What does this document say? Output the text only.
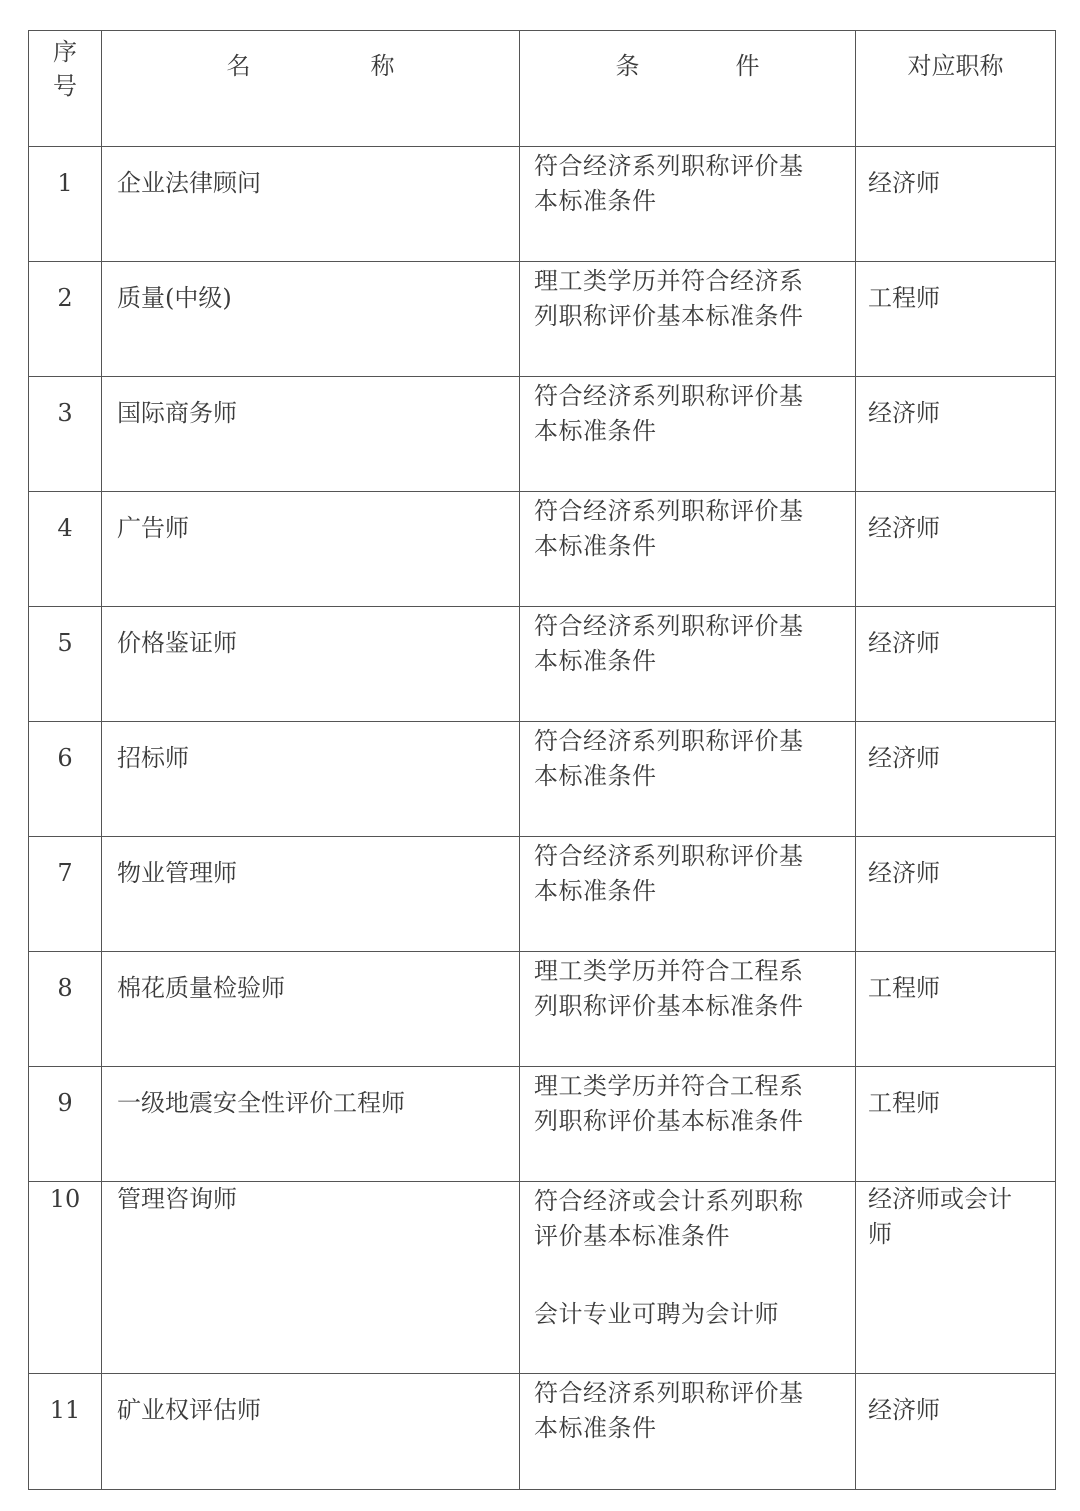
序
号	名　　　　　称	条　　　　件	对应职称
1	企业法律顾问	符合经济系列职称评价基
本标准条件	经济师
2	质量(中级)	理工类学历并符合经济系
列职称评价基本标准条件	工程师
3	国际商务师	符合经济系列职称评价基
本标准条件	经济师
4	广告师	符合经济系列职称评价基
本标准条件	经济师
5	价格鉴证师	符合经济系列职称评价基
本标准条件	经济师
6	招标师	符合经济系列职称评价基
本标准条件	经济师
7	物业管理师	符合经济系列职称评价基
本标准条件	经济师
8	棉花质量检验师	理工类学历并符合工程系
列职称评价基本标准条件	工程师
9	一级地震安全性评价工程师	理工类学历并符合工程系
列职称评价基本标准条件	工程师
10	管理咨询师	符合经济或会计系列职称
评价基本标准条件
会计专业可聘为会计师	经济师或会计
师

11	矿业权评估师	符合经济系列职称评价基
本标准条件	经济师
